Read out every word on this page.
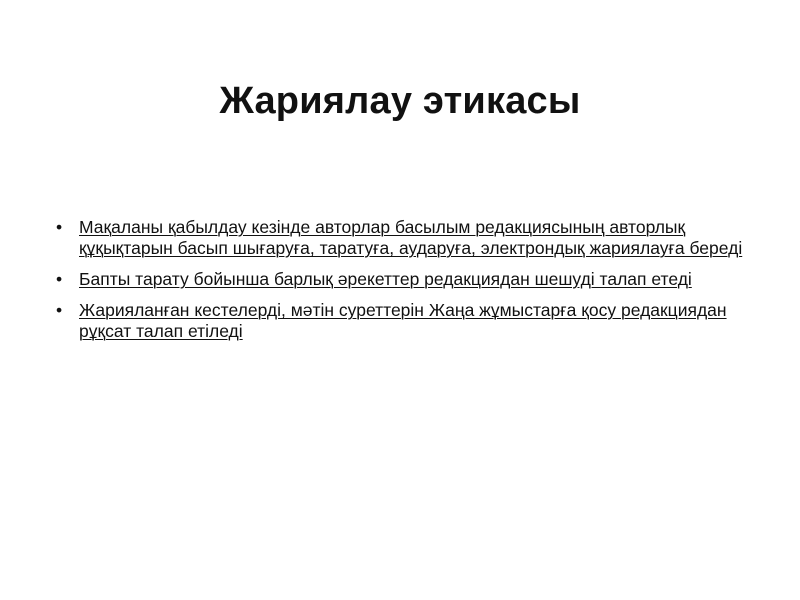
Жариялау этикасы
• Мақаланы қабылдау кезінде авторлар басылым редакциясының авторлық құқықтарын басып шығаруға, таратуға, аударуға, электрондық жариялауға береді
• Бапты тарату бойынша барлық әрекеттер редакциядан шешуді талап етеді
• Жарияланған кестелерді, мәтін суреттерін Жаңа жұмыстарға қосу редакциядан рұқсат талап етіледі
